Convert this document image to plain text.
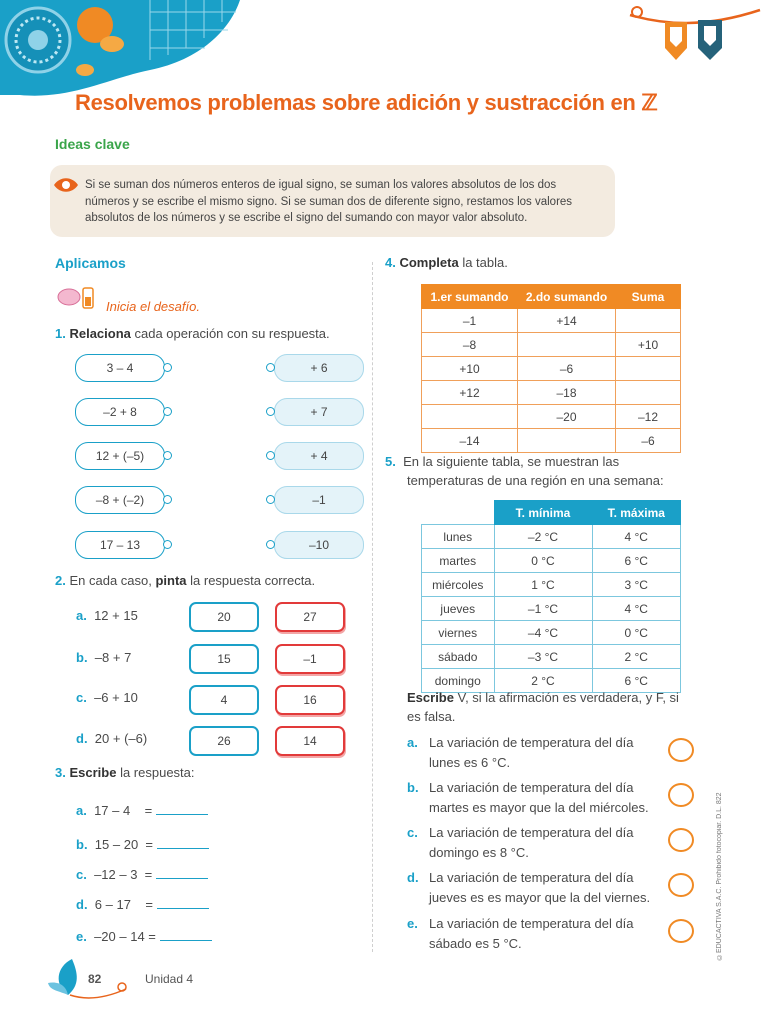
Resolvemos problemas sobre adición y sustracción en ℤ
Ideas clave
Si se suman dos números enteros de igual signo, se suman los valores absolutos de los dos
números y se escribe el mismo signo. Si se suman dos de diferente signo, restamos los valores
absolutos de los números y se escribe el signo del sumando con mayor valor absoluto.
Aplicamos
Inicia el desafío.
1. Relaciona cada operación con su respuesta.
3 – 4
–2 + 8
12 + (–5)
–8 + (–2)
17 – 13
+ 6
+ 7
+ 4
–1
–10
2. En cada caso, pinta la respuesta correcta.
a. 12 + 15
b. –8 + 7
c. –6 + 10
d. 20 + (–6)
20	27
15	–1
4	16
26	14
3. Escribe la respuesta:
a. 17 – 4    =
b. 15 – 20  =
c. –12 – 3  =
d. 6 – 17    =
e. –20 – 14 =
4. Completa la tabla.
1.er sumando	2.do sumando	Suma
–1	+14	
–8		+10
+10	–6	
+12	–18	
	–20	–12
–14		–6
5. En la siguiente tabla, se muestran las
temperaturas de una región en una semana:
	T. mínima	T. máxima
lunes	–2 °C	4 °C
martes	0 °C	6 °C
miércoles	1 °C	3 °C
jueves	–1 °C	4 °C
viernes	–4 °C	0 °C
sábado	–3 °C	2 °C
domingo	2 °C	6 °C
Escribe V, si la afirmación es verdadera, y F, si
es falsa.
a. La variación de temperatura del día
lunes es 6 °C.
b. La variación de temperatura del día
martes es mayor que la del miércoles.
c. La variación de temperatura del día
domingo es 8 °C.
d. La variación de temperatura del día
jueves es es mayor que la del viernes.
e. La variación de temperatura del día
sábado es 5 °C.	©EDUCACTIVA S.A.C. Prohibido fotocopiar. D.L. 822
82	Unidad 4
